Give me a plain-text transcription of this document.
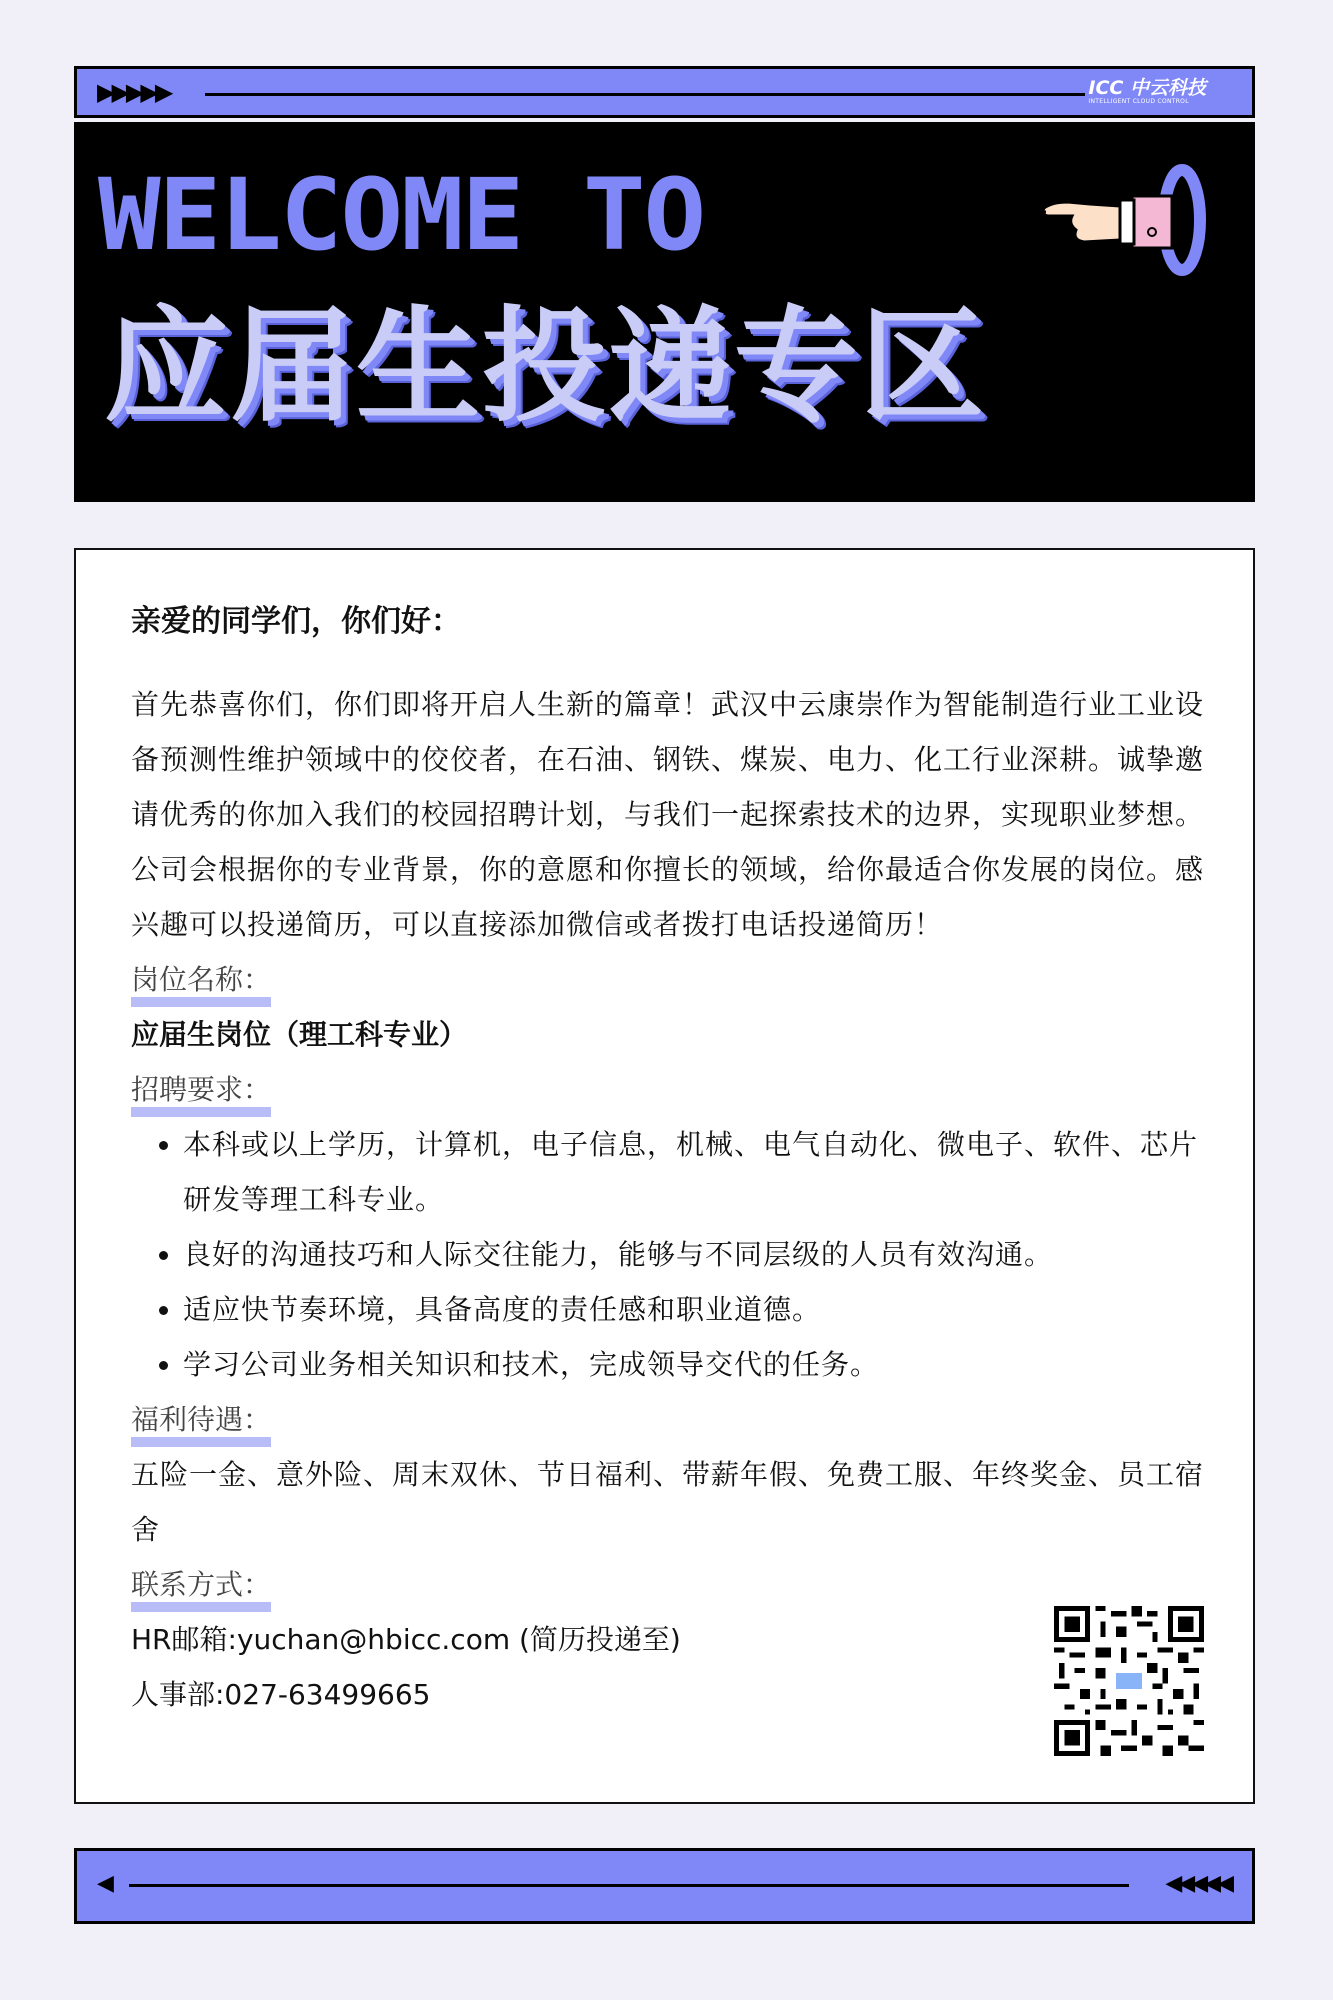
▶▶▶▶▶	ICC 中云科技
INTELLIGENT CLOUD CONTROL
WELCOME TO
应届生投递专区
亲爱的同学们，你们好：

首先恭喜你们，你们即将开启人生新的篇章！武汉中云康崇作为智能制造行业工业设备预测性维护领域中的佼佼者，在石油、钢铁、煤炭、电力、化工行业深耕。诚挚邀请优秀的你加入我们的校园招聘计划，与我们一起探索技术的边界，实现职业梦想。公司会根据你的专业背景，你的意愿和你擅长的领域，给你最适合你发展的岗位。感兴趣可以投递简历，可以直接添加微信或者拨打电话投递简历！

岗位名称：
应届生岗位（理工科专业）
招聘要求：
• 本科或以上学历，计算机，电子信息，机械、电气自动化、微电子、软件、芯片研发等理工科专业。
• 良好的沟通技巧和人际交往能力，能够与不同层级的人员有效沟通。
• 适应快节奏环境，具备高度的责任感和职业道德。
• 学习公司业务相关知识和技术，完成领导交代的任务。
福利待遇：

五险一金、意外险、周末双休、节日福利、带薪年假、免费工服、年终奖金、员工宿舍

联系方式：
HR邮箱:yuchan@hbicc.com (简历投递至)
人事部:027-63499665
◀	◀◀◀◀◀
